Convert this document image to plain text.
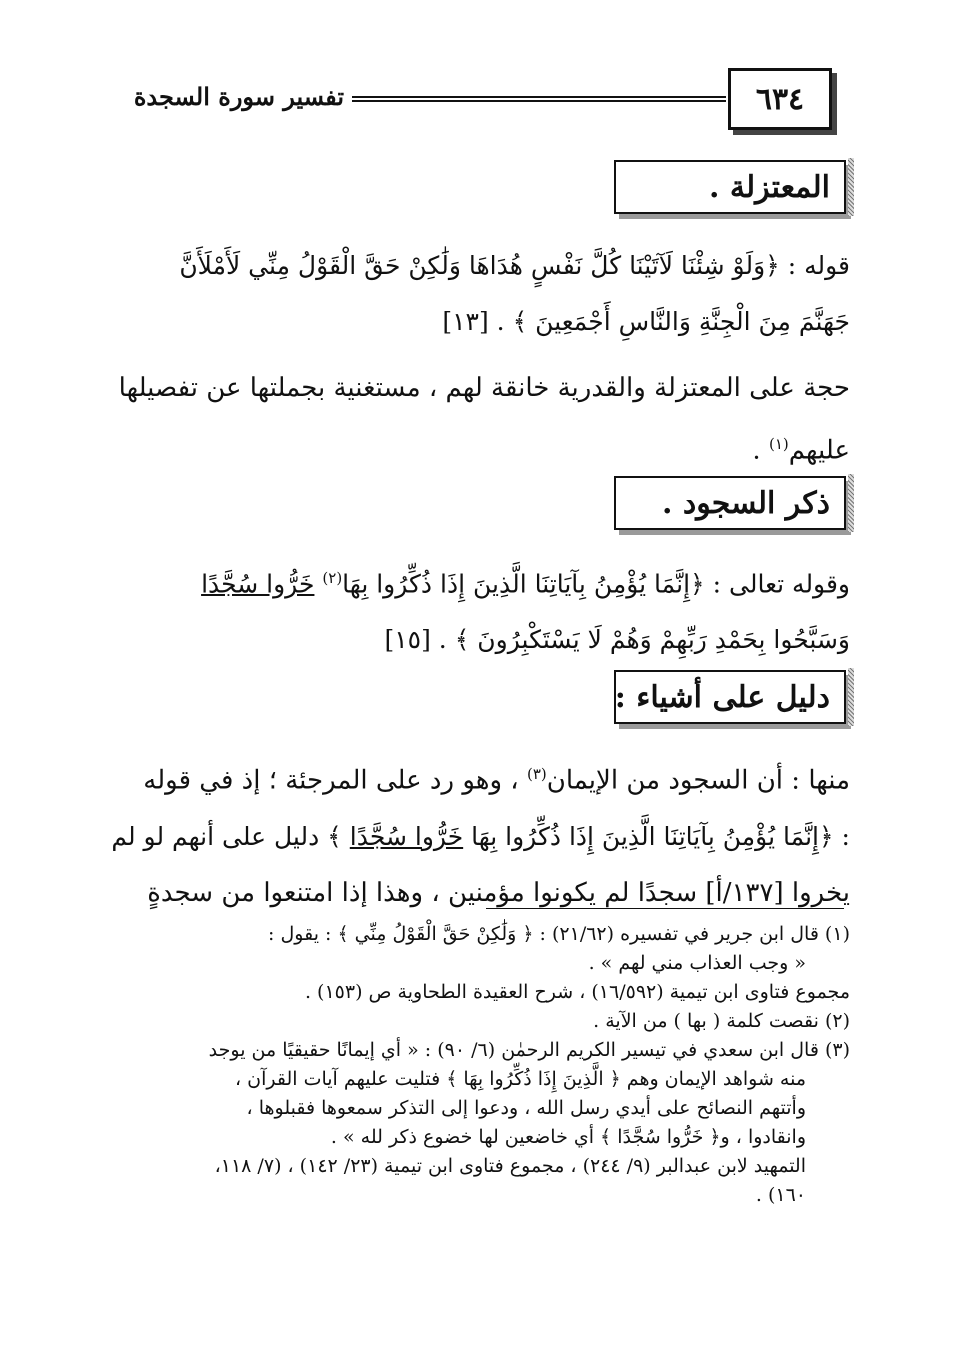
٦٣٤
تفسير سورة السجدة
المعتزلة .
قوله : ﴿وَلَوْ شِئْنَا لَآتَيْنَا كُلَّ نَفْسٍ هُدَاهَا وَلَٰكِنْ حَقَّ الْقَوْلُ مِنِّي لَأَمْلَأَنَّ
جَهَنَّمَ مِنَ الْجِنَّةِ وَالنَّاسِ أَجْمَعِينَ ﴾ . [١٣]
حجة على المعتزلة والقدرية خانقة لهم ، مستغنية بجملتها عن تفصيلها
عليهم$^{(١)}$ .
ذكر السجود .
وقوله تعالى : ﴿إِنَّمَا يُؤْمِنُ بِآيَاتِنَا الَّذِينَ إِذَا ذُكِّرُوا بِهَا$^{(٢)}$ خَرُّوا سُجَّدًا
وَسَبَّحُوا بِحَمْدِ رَبِّهِمْ وَهُمْ لَا يَسْتَكْبِرُونَ ﴾ . [١٥]
دليل على أشياء :
منها : أن السجود من الإيمان$^{(٣)}$ ، وهو رد على المرجئة ؛ إذ في قوله
: ﴿إِنَّمَا يُؤْمِنُ بِآيَاتِنَا الَّذِينَ إِذَا ذُكِّرُوا بِهَا خَرُّوا سُجَّدًا ﴾ دليل على أنهم لو لم
يخروا [١٣٧/أ] سجدًا لم يكونوا مؤمنين ، وهذا إذا امتنعوا من سجدةٍ
(١) قال ابن جرير في تفسيره (٢١/٦٢) : ﴿ وَلَٰكِنْ حَقَّ الْقَوْلُ مِنِّي ﴾ : يقول :
« وجب العذاب مني لهم » .
مجموع فتاوى ابن تيمية (١٦/٥٩٢) ، شرح العقيدة الطحاوية ص (١٥٣) .
(٢) نقصت كلمة ( بها ) من الآية .
(٣) قال ابن سعدي في تيسير الكريم الرحمٰن (٦/ ٩٠) : « أي إيمانًا حقيقيًا من يوجد
منه شواهد الإيمان وهم ﴿ الَّذِينَ إِذَا ذُكِّرُوا بِهَا ﴾ فتليت عليهم آيات القرآن ،
وأتتهم النصائح على أيدي رسل الله ، ودعوا إلى التذكر سمعوها فقبلوها ،
وانقادوا ، و﴿ خَرُّوا سُجَّدًا ﴾ أي خاضعين لها خضوع ذكر لله » .
التمهيد لابن عبدالبر (٩/ ٢٤٤) ، مجموع فتاوى ابن تيمية (٢٣/ ١٤٢) ، (٧/ ١١٨،
١٦٠) .
